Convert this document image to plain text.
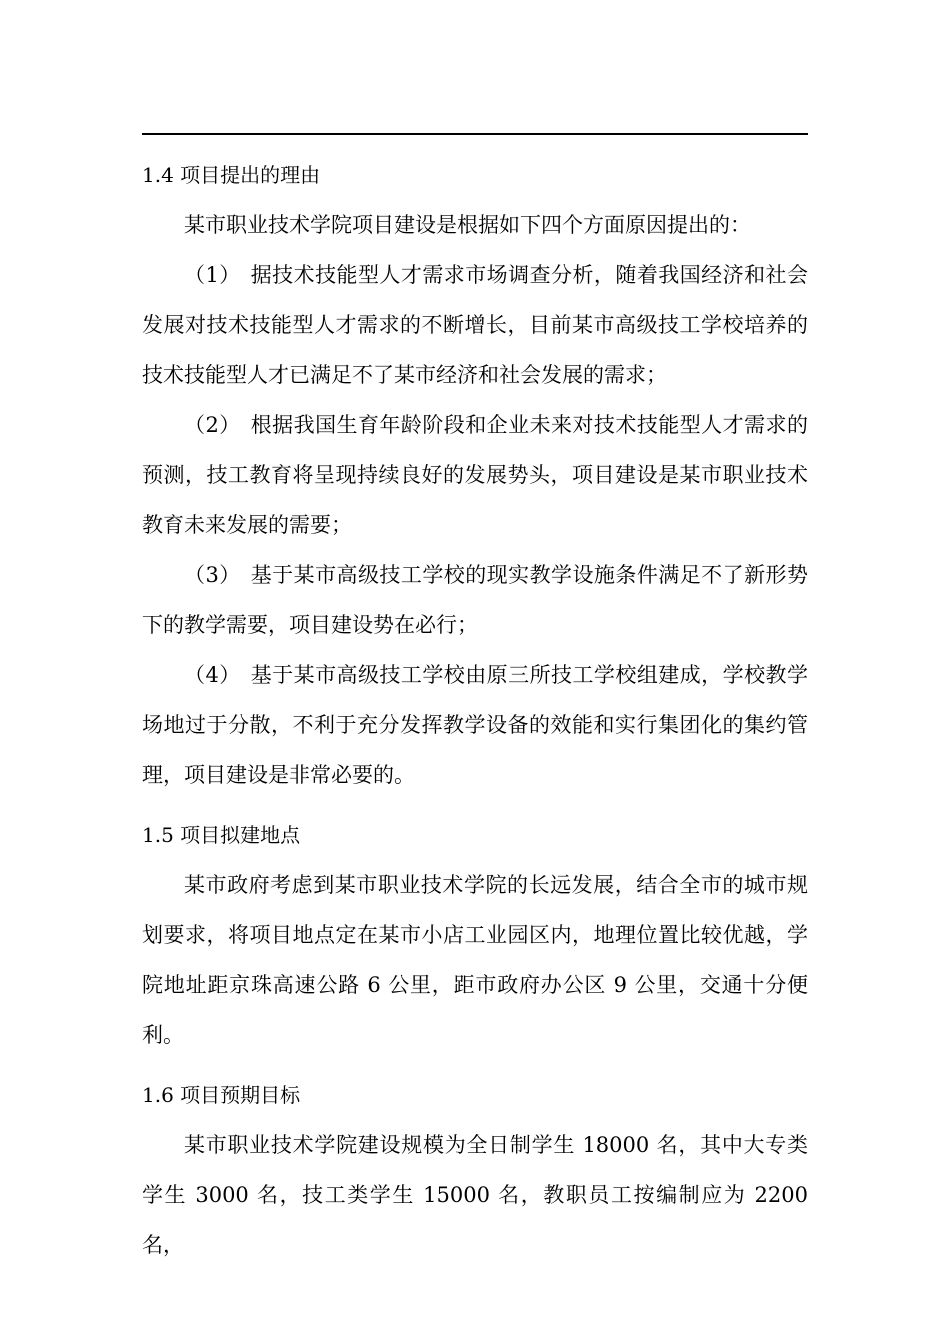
1.4 项目提出的理由

某市职业技术学院项目建设是根据如下四个方面原因提出的：

（1） 据技术技能型人才需求市场调查分析，随着我国经济和社会发展对技术技能型人才需求的不断增长，目前某市高级技工学校培养的技术技能型人才已满足不了某市经济和社会发展的需求；

（2） 根据我国生育年龄阶段和企业未来对技术技能型人才需求的预测，技工教育将呈现持续良好的发展势头，项目建设是某市职业技术教育未来发展的需要；

（3） 基于某市高级技工学校的现实教学设施条件满足不了新形势下的教学需要，项目建设势在必行；

（4） 基于某市高级技工学校由原三所技工学校组建成，学校教学场地过于分散，不利于充分发挥教学设备的效能和实行集团化的集约管理，项目建设是非常必要的。

1.5 项目拟建地点

某市政府考虑到某市职业技术学院的长远发展，结合全市的城市规划要求，将项目地点定在某市小店工业园区内，地理位置比较优越，学院地址距京珠高速公路 6 公里，距市政府办公区 9 公里，交通十分便利。

1.6 项目预期目标

某市职业技术学院建设规模为全日制学生 18000 名，其中大专类学生 3000 名，技工类学生 15000 名，教职员工按编制应为 2200 名，
